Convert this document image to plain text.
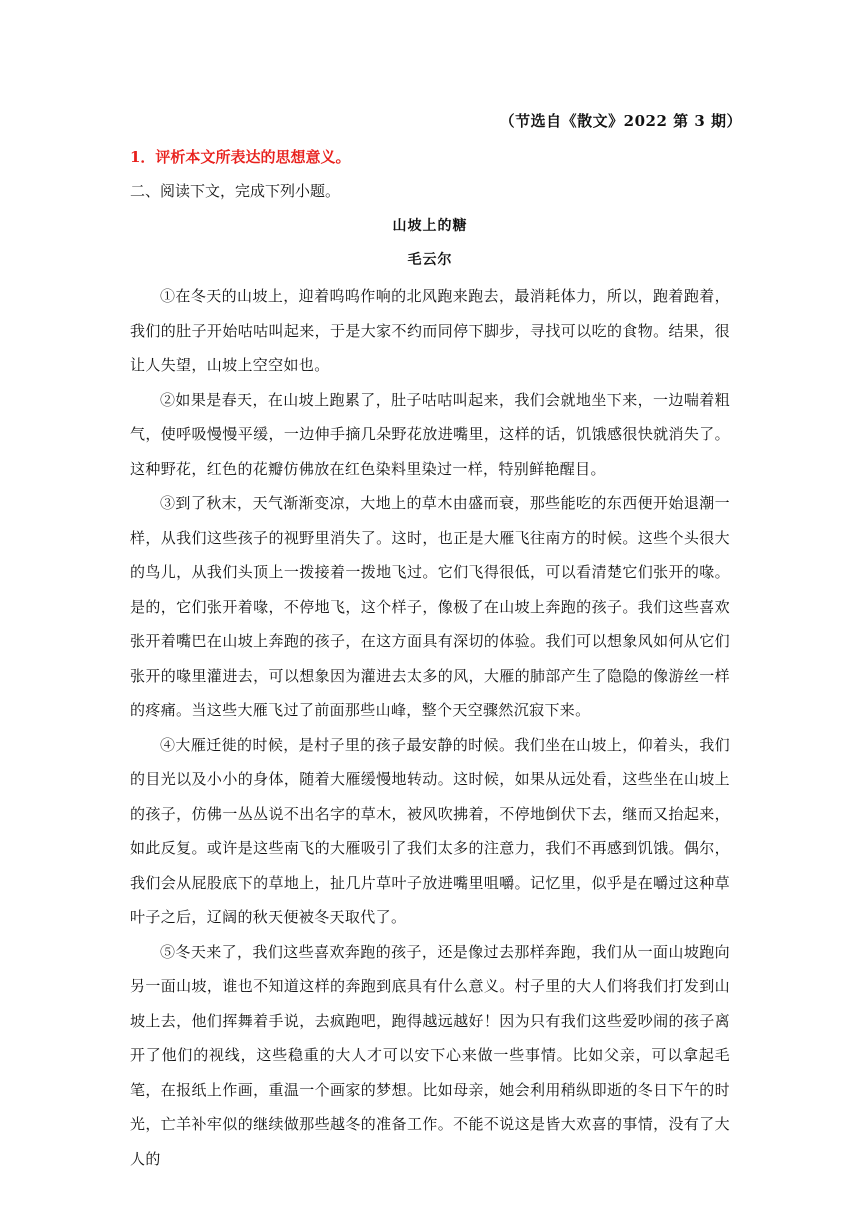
（节选自《散文》2022 第 3 期）
1．评析本文所表达的思想意义。
二、阅读下文，完成下列小题。
山坡上的糖
毛云尔

①在冬天的山坡上，迎着呜呜作响的北风跑来跑去，最消耗体力，所以，跑着跑着，我们的肚子开始咕咕叫起来，于是大家不约而同停下脚步，寻找可以吃的食物。结果，很让人失望，山坡上空空如也。

②如果是春天，在山坡上跑累了，肚子咕咕叫起来，我们会就地坐下来，一边喘着粗气，使呼吸慢慢平缓，一边伸手摘几朵野花放进嘴里，这样的话，饥饿感很快就消失了。这种野花，红色的花瓣仿佛放在红色染料里染过一样，特别鲜艳醒目。

③到了秋末，天气渐渐变凉，大地上的草木由盛而衰，那些能吃的东西便开始退潮一样，从我们这些孩子的视野里消失了。这时，也正是大雁飞往南方的时候。这些个头很大的鸟儿，从我们头顶上一拨接着一拨地飞过。它们飞得很低，可以看清楚它们张开的喙。是的，它们张开着喙，不停地飞，这个样子，像极了在山坡上奔跑的孩子。我们这些喜欢张开着嘴巴在山坡上奔跑的孩子，在这方面具有深切的体验。我们可以想象风如何从它们张开的喙里灌进去，可以想象因为灌进去太多的风，大雁的肺部产生了隐隐的像游丝一样的疼痛。当这些大雁飞过了前面那些山峰，整个天空骤然沉寂下来。

④大雁迁徙的时候，是村子里的孩子最安静的时候。我们坐在山坡上，仰着头，我们的目光以及小小的身体，随着大雁缓慢地转动。这时候，如果从远处看，这些坐在山坡上的孩子，仿佛一丛丛说不出名字的草木，被风吹拂着，不停地倒伏下去，继而又抬起来，如此反复。或许是这些南飞的大雁吸引了我们太多的注意力，我们不再感到饥饿。偶尔，我们会从屁股底下的草地上，扯几片草叶子放进嘴里咀嚼。记忆里，似乎是在嚼过这种草叶子之后，辽阔的秋天便被冬天取代了。

⑤冬天来了，我们这些喜欢奔跑的孩子，还是像过去那样奔跑，我们从一面山坡跑向另一面山坡，谁也不知道这样的奔跑到底具有什么意义。村子里的大人们将我们打发到山坡上去，他们挥舞着手说，去疯跑吧，跑得越远越好！因为只有我们这些爱吵闹的孩子离开了他们的视线，这些稳重的大人才可以安下心来做一些事情。比如父亲，可以拿起毛笔，在报纸上作画，重温一个画家的梦想。比如母亲，她会利用稍纵即逝的冬日下午的时光，亡羊补牢似的继续做那些越冬的准备工作。不能不说这是皆大欢喜的事情，没有了大人的
